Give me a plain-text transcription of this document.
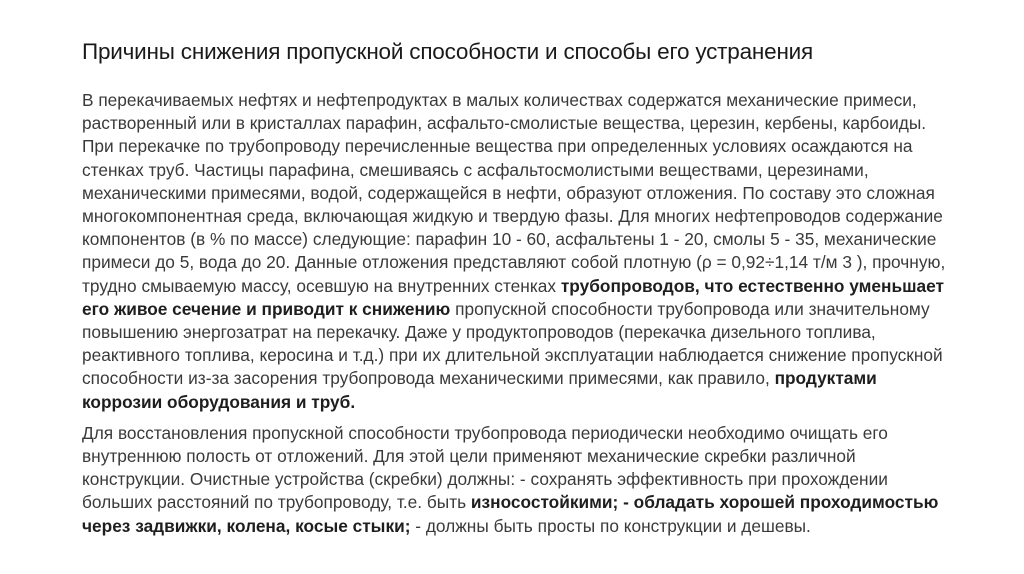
Причины снижения пропускной способности и способы его устранения

В перекачиваемых нефтях и нефтепродуктах в малых количествах содержатся механические примеси, растворенный или в кристаллах парафин, асфальто-смолистые вещества, церезин, кербены, карбоиды. При перекачке по трубопроводу перечисленные вещества при определенных условиях осаждаются на стенках труб. Частицы парафина, смешиваясь с асфальтосмолистыми веществами, церезинами, механическими примесями, водой, содержащейся в нефти, образуют отложения. По составу это сложная многокомпонентная среда, включающая жидкую и твердую фазы. Для многих нефтепроводов содержание компонентов (в % по массе) следующие: парафин 10 - 60, асфальтены 1 - 20, смолы 5 - 35, механические примеси до 5, вода до 20. Данные отложения представляют собой плотную (ρ = 0,92÷1,14 т/м 3 ), прочную, трудно смываемую массу, осевшую на внутренних стенках трубопроводов, что естественно уменьшает его живое сечение и приводит к снижению пропускной способности трубопровода или значительному повышению энергозатрат на перекачку. Даже у продуктопроводов (перекачка дизельного топлива, реактивного топлива, керосина и т.д.) при их длительной эксплуатации наблюдается снижение пропускной способности из-за засорения трубопровода механическими примесями, как правило, продуктами коррозии оборудования и труб.

Для восстановления пропускной способности трубопровода периодически необходимо очищать его внутреннюю полость от отложений. Для этой цели применяют механические скребки различной конструкции. Очистные устройства (скребки) должны: - сохранять эффективность при прохождении больших расстояний по трубопроводу, т.е. быть износостойкими; - обладать хорошей проходимостью через задвижки, колена, косые стыки; - должны быть просты по конструкции и дешевы.
